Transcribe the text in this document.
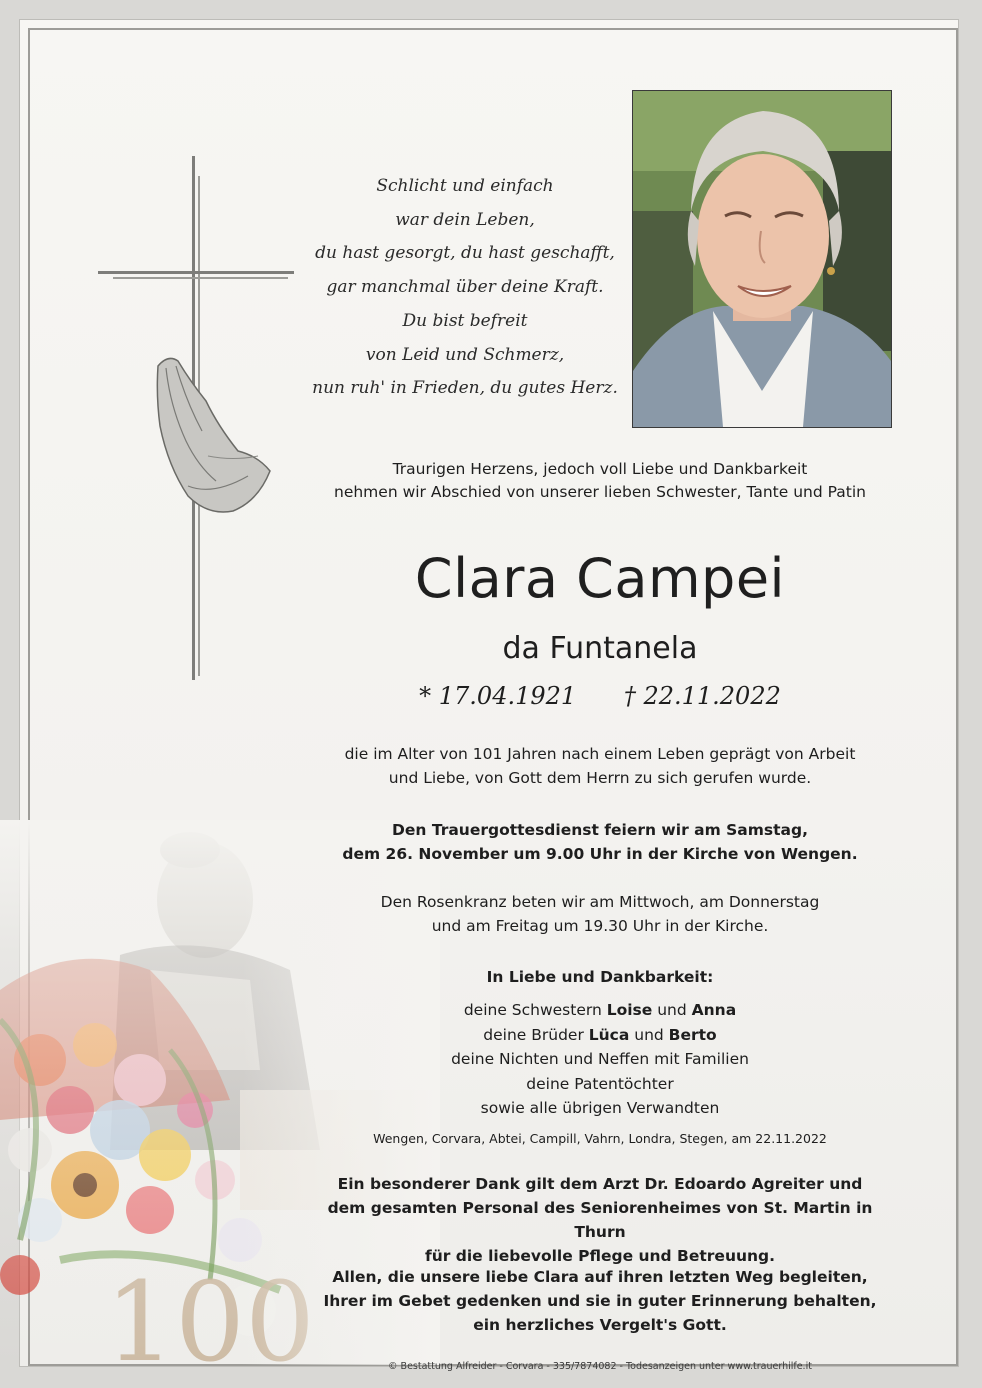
Schlicht und einfach
war dein Leben,
du hast gesorgt, du hast geschafft,
gar manchmal über deine Kraft.
Du bist befreit
von Leid und Schmerz,
nun ruh' in Frieden, du gutes Herz.
Traurigen Herzens, jedoch voll Liebe und Dankbarkeit
nehmen wir Abschied von unserer lieben Schwester, Tante und Patin
Clara Campei
da Funtanela
* 17.04.1921 † 22.11.2022
die im Alter von 101 Jahren nach einem Leben geprägt von Arbeit
und Liebe, von Gott dem Herrn zu sich gerufen wurde.
Den Trauergottesdienst feiern wir am Samstag,
dem 26. November um 9.00 Uhr in der Kirche von Wengen.
Den Rosenkranz beten wir am Mittwoch, am Donnerstag
und am Freitag um 19.30 Uhr in der Kirche.
In Liebe und Dankbarkeit:
deine Schwestern Loise und Anna
deine Brüder Lüca und Berto
deine Nichten und Neffen mit Familien
deine Patentöchter
sowie alle übrigen Verwandten
Wengen, Corvara, Abtei, Campill, Vahrn, Londra, Stegen, am 22.11.2022
Ein besonderer Dank gilt dem Arzt Dr. Edoardo Agreiter und
dem gesamten Personal des Seniorenheimes von St. Martin in Thurn
für die liebevolle Pflege und Betreuung.
Allen, die unsere liebe Clara auf ihren letzten Weg begleiten,
Ihrer im Gebet gedenken und sie in guter Erinnerung behalten,
ein herzliches Vergelt's Gott.
© Bestattung Alfreider - Corvara - 335/7874082 - Todesanzeigen unter www.trauerhilfe.it
